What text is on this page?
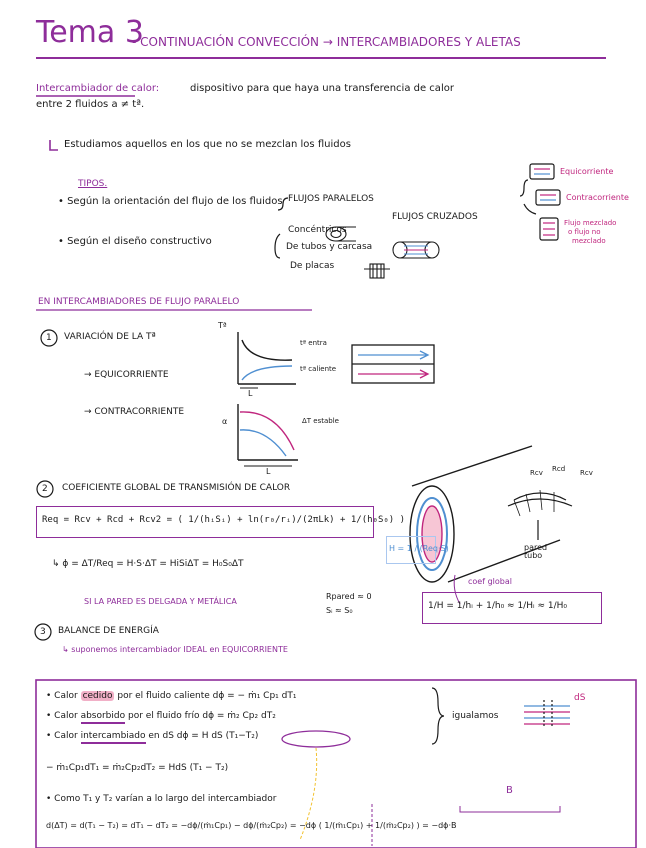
Tema 3
- CONTINUACIÓN CONVECCIÓN → INTERCAMBIADORES Y ALETAS
Intercambiador de calor:	dispositivo para que haya una transferencia de calor
entre 2 fluidos a ≠ tª.
Estudiamos aquellos en los que no se mezclan los fluidos
TIPOS.
• Según la orientación del flujo de los fluidos
• Según el diseño constructivo
FLUJOS PARALELOS
FLUJOS CRUZADOS
Concéntricos
De tubos y carcasa
De placas
Equicorriente
Contracorriente
Flujo mezclado
o flujo no
mezclado
EN INTERCAMBIADORES DE FLUJO PARALELO
1 VARIACIÓN DE LA Tª
→ EQUICORRIENTE
→ CONTRACORRIENTE
Tª
L
L
tª entra
tª caliente
ΔT estable
α
2 COEFICIENTE GLOBAL DE TRANSMISIÓN DE CALOR
Req = Rcv + Rcd + Rcv2 = ( 1/(hᵢSᵢ) + ln(r₀/rᵢ)/(2πLk) + 1/(h₀S₀) )
H = 1 / (Req·S)
↳ ϕ = ΔT/Req = H·S·ΔT = HiSiΔT = H₀S₀ΔT
Rcv Rcd Rcv
pared tubo
SI LA PARED ES DELGADA Y METÁLICA
Rpared ≈ 0
Sᵢ ≈ S₀
coef global
1/H = 1/hᵢ + 1/h₀ ≈ 1/Hᵢ ≈ 1/H₀
3 BALANCE DE ENERGÍA
↳ suponemos intercambiador IDEAL en EQUICORRIENTE
• Calor cedido por el fluido caliente dϕ = − ṁ₁ Cp₁ dT₁
• Calor absorbido por el fluido frío dϕ = ṁ₂ Cp₂ dT₂
• Calor intercambiado en dS dϕ = H dS (T₁−T₂)
igualamos
dS
− ṁ₁Cp₁dT₁ = ṁ₂Cp₂dT₂ = HdS (T₁ − T₂)
• Como T₁ y T₂ varían a lo largo del intercambiador
B
d(ΔT) = d(T₁ − T₂) = dT₁ − dT₂ = −dϕ/(ṁ₁Cp₁) − dϕ/(ṁ₂Cp₂) = −dϕ ( 1/(ṁ₁Cp₁) + 1/(ṁ₂Cp₂) ) = −dϕ·B
